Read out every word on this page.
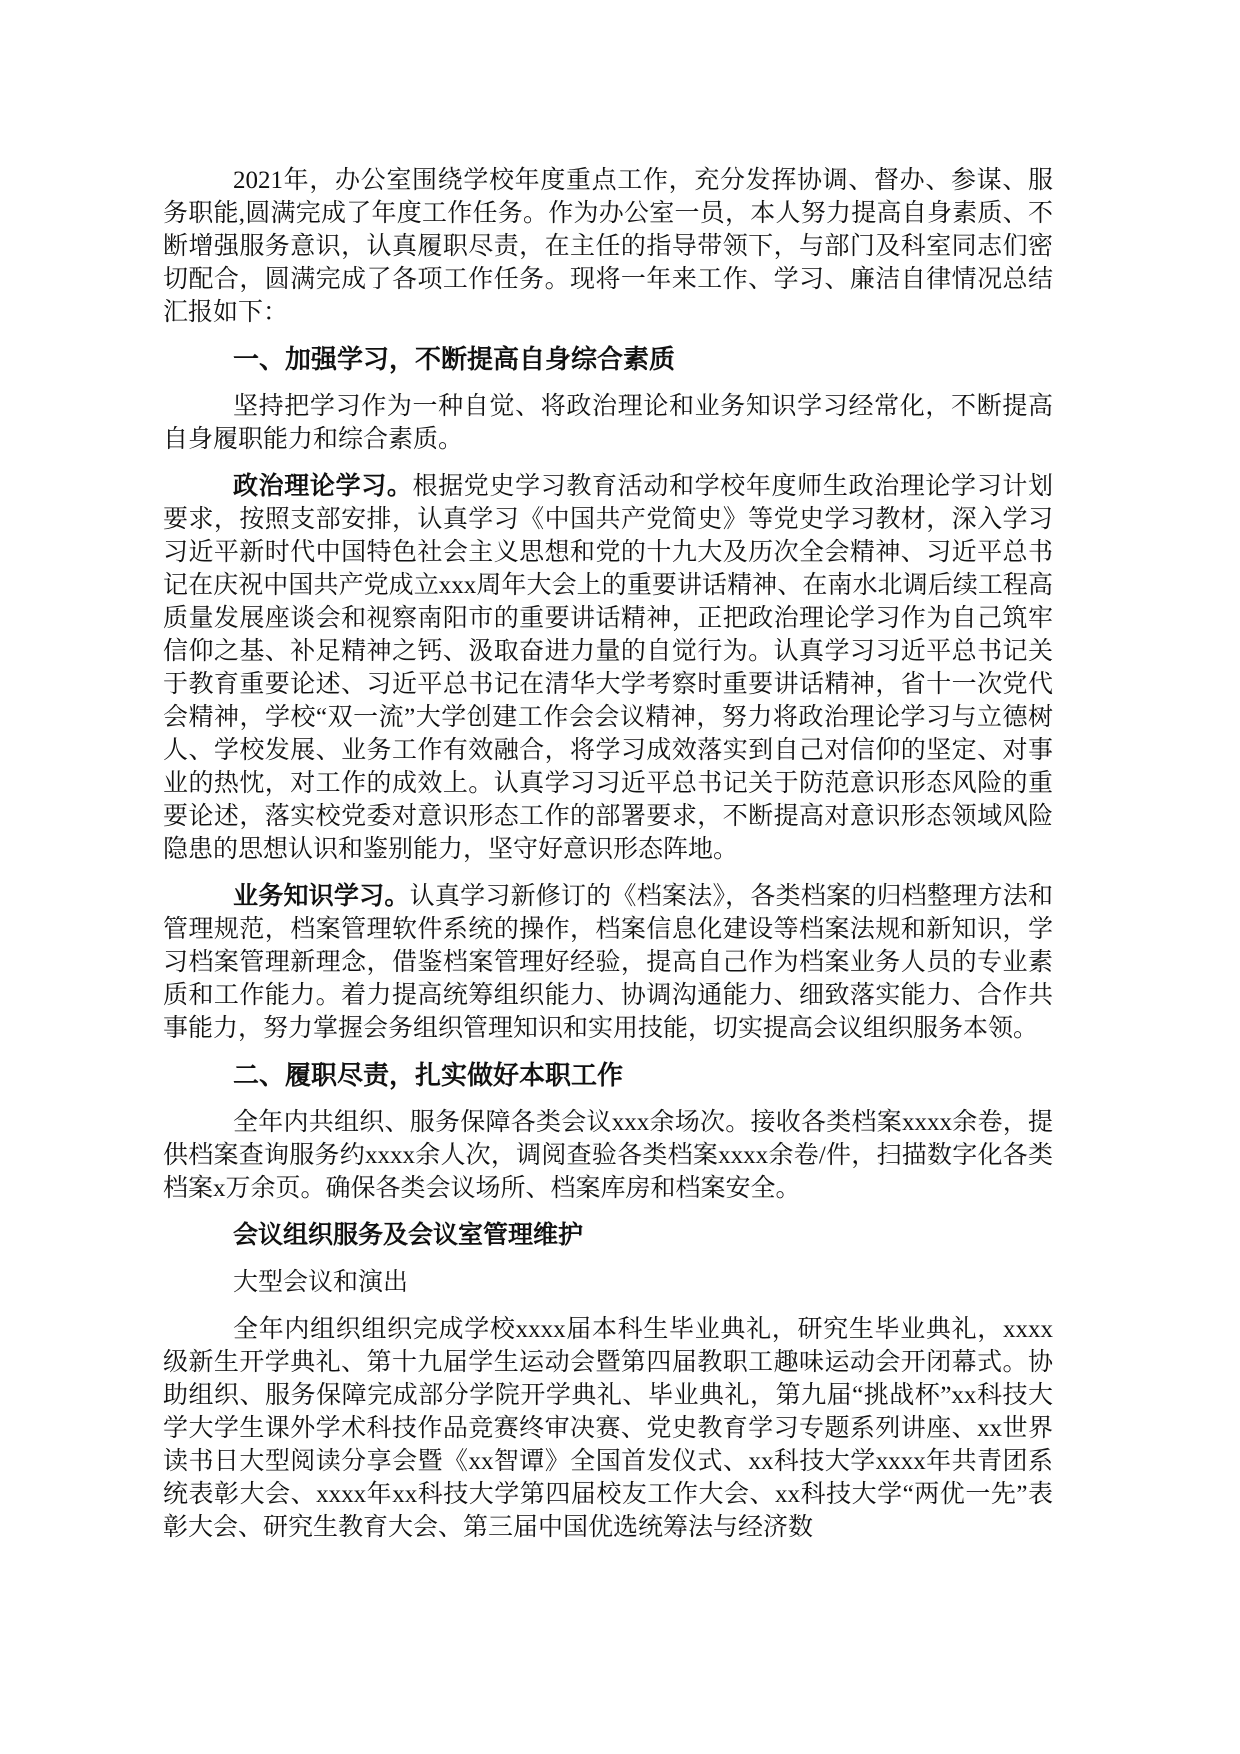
2021年，办公室围绕学校年度重点工作，充分发挥协调、督办、参谋、服务职能,圆满完成了年度工作任务。作为办公室一员，本人努力提高自身素质、不断增强服务意识，认真履职尽责，在主任的指导带领下，与部门及科室同志们密切配合，圆满完成了各项工作任务。现将一年来工作、学习、廉洁自律情况总结汇报如下：

一、加强学习，不断提高自身综合素质

坚持把学习作为一种自觉、将政治理论和业务知识学习经常化，不断提高自身履职能力和综合素质。

政治理论学习。根据党史学习教育活动和学校年度师生政治理论学习计划要求，按照支部安排，认真学习《中国共产党简史》等党史学习教材，深入学习习近平新时代中国特色社会主义思想和党的十九大及历次全会精神、习近平总书记在庆祝中国共产党成立xxx周年大会上的重要讲话精神、在南水北调后续工程高质量发展座谈会和视察南阳市的重要讲话精神，正把政治理论学习作为自己筑牢信仰之基、补足精神之钙、汲取奋进力量的自觉行为。认真学习习近平总书记关于教育重要论述、习近平总书记在清华大学考察时重要讲话精神，省十一次党代会精神，学校“双一流”大学创建工作会会议精神，努力将政治理论学习与立德树人、学校发展、业务工作有效融合，将学习成效落实到自己对信仰的坚定、对事业的热忱，对工作的成效上。认真学习习近平总书记关于防范意识形态风险的重要论述，落实校党委对意识形态工作的部署要求，不断提高对意识形态领域风险隐患的思想认识和鉴别能力，坚守好意识形态阵地。

业务知识学习。认真学习新修订的《档案法》，各类档案的归档整理方法和管理规范，档案管理软件系统的操作，档案信息化建设等档案法规和新知识，学习档案管理新理念，借鉴档案管理好经验，提高自己作为档案业务人员的专业素质和工作能力。着力提高统筹组织能力、协调沟通能力、细致落实能力、合作共事能力，努力掌握会务组织管理知识和实用技能，切实提高会议组织服务本领。

二、履职尽责，扎实做好本职工作

全年内共组织、服务保障各类会议xxx余场次。接收各类档案xxxx余卷，提供档案查询服务约xxxx余人次，调阅查验各类档案xxxx余卷/件，扫描数字化各类档案x万余页。确保各类会议场所、档案库房和档案安全。

会议组织服务及会议室管理维护

大型会议和演出

全年内组织组织完成学校xxxx届本科生毕业典礼，研究生毕业典礼，xxxx级新生开学典礼、第十九届学生运动会暨第四届教职工趣味运动会开闭幕式。协助组织、服务保障完成部分学院开学典礼、毕业典礼，第九届“挑战杯”xx科技大学大学生课外学术科技作品竞赛终审决赛、党史教育学习专题系列讲座、xx世界读书日大型阅读分享会暨《xx智谭》全国首发仪式、xx科技大学xxxx年共青团系统表彰大会、xxxx年xx科技大学第四届校友工作大会、xx科技大学“两优一先”表彰大会、研究生教育大会、第三届中国优选统筹法与经济数
